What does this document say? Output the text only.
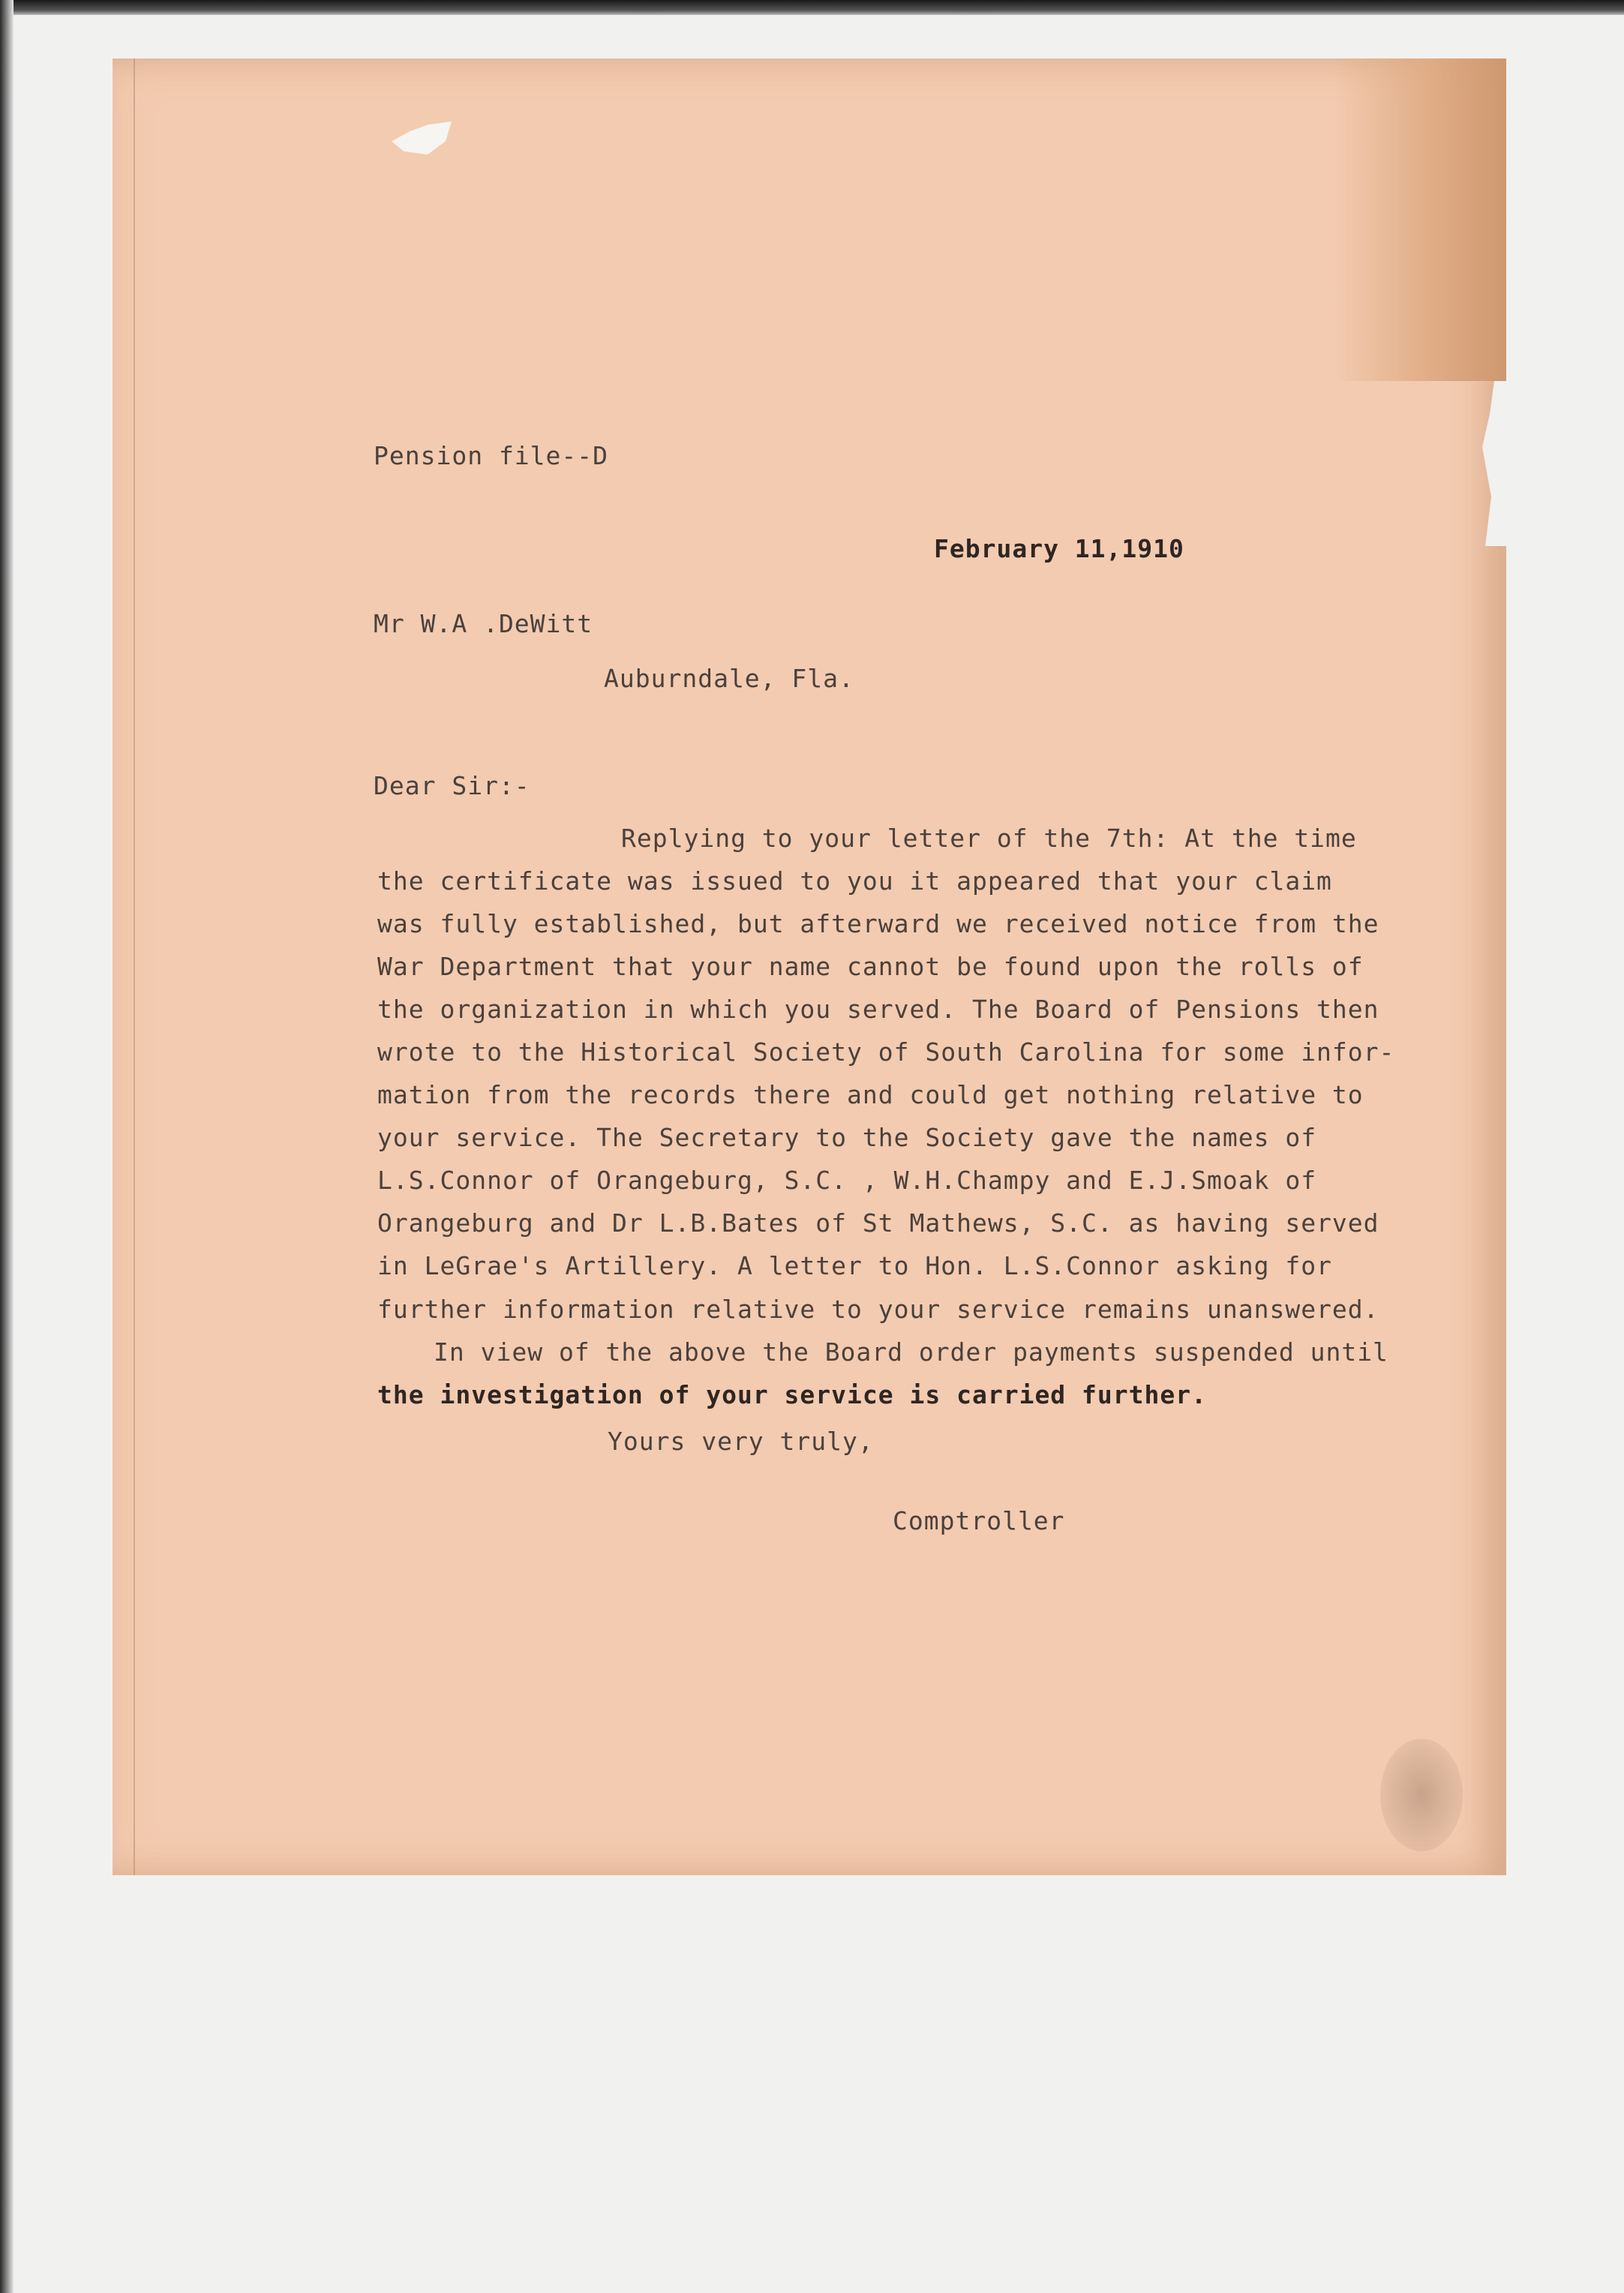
Pension file--D
February 11,1910
Mr W.A .DeWitt
Auburndale, Fla.
Dear Sir:-
Replying to your letter of the 7th: At the time
the certificate was issued to you it appeared that your claim
was fully established, but afterward we received notice from the
War Department that your name cannot be found upon the rolls of
the organization in which you served. The Board of Pensions then
wrote to the Historical Society of South Carolina for some infor-
mation from the records there and could get nothing relative to
your service. The Secretary to the Society gave the names of
L.S.Connor of Orangeburg, S.C. , W.H.Champy and E.J.Smoak of
Orangeburg and Dr L.B.Bates of St Mathews, S.C. as having served
in LeGrae's Artillery. A letter to Hon. L.S.Connor asking for
further information relative to your service remains unanswered.
In view of the above the Board order payments suspended until
the investigation of your service is carried further.
Yours very truly,
Comptroller
